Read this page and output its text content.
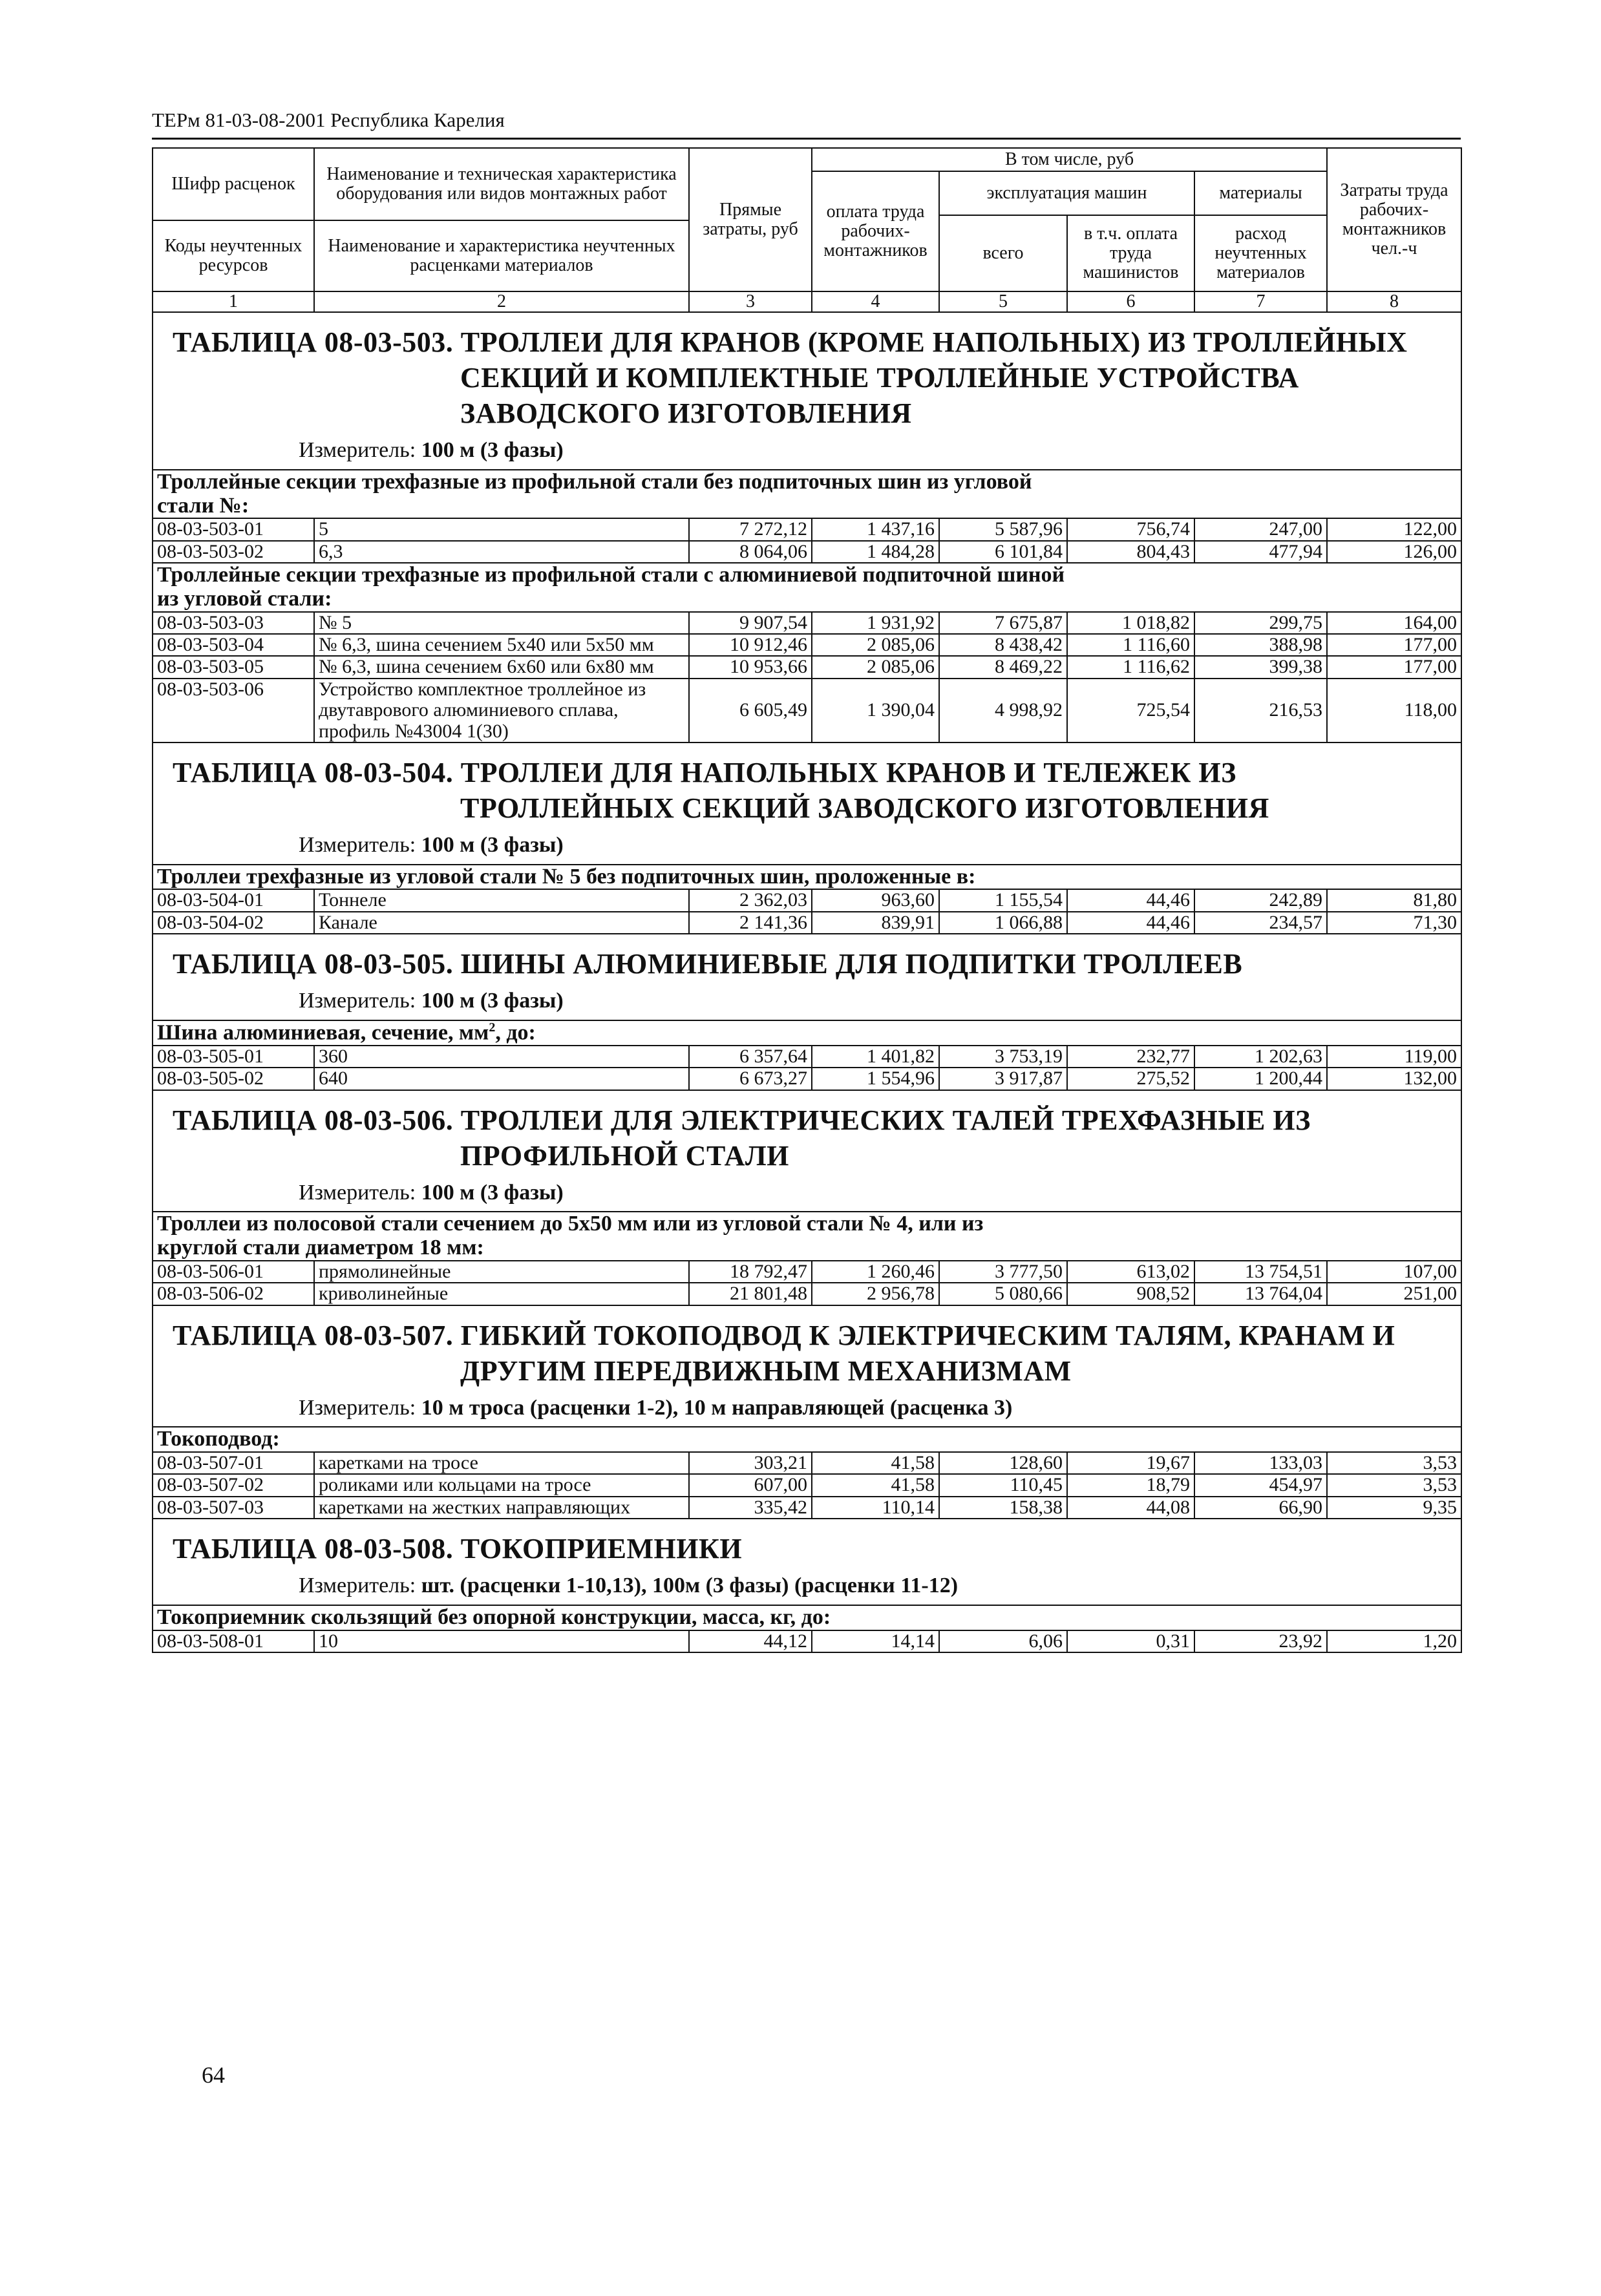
ТЕРм 81-03-08-2001 Республика Карелия
Шифр расценок	Наименование и техническая характеристика оборудования или видов монтажных работ	Прямые затраты, руб	В том числе, руб				Затраты труда рабочих-монтажников чел.-ч
			оплата труда рабочих-монтажников	эксплуатация машин		материалы	
				всего	в т.ч. оплата труда машинистов	расход неучтенных материалов	
Коды неучтенных ресурсов	Наименование и характеристика неучтенных расценками материалов						

1	2	3	4	5	6	7	8

ТАБЛИЦА 08-03-503. ТРОЛЛЕИ ДЛЯ КРАНОВ (КРОМЕ НАПОЛЬНЫХ) ИЗ ТРОЛЛЕЙНЫХ
СЕКЦИЙ И КОМПЛЕКТНЫЕ ТРОЛЛЕЙНЫЕ УСТРОЙСТВА
ЗАВОДСКОГО ИЗГОТОВЛЕНИЯ
Измеритель: 100 м (3 фазы)							

Троллейные секции трехфазные из профильной стали без подпиточных шин из угловой
стали №:							

08-03-503-01	5	7 272,12	1 437,16	5 587,96	756,74	247,00	122,00
08-03-503-02	6,3	8 064,06	1 484,28	6 101,84	804,43	477,94	126,00
Троллейные секции трехфазные из профильной стали с алюминиевой подпиточной шиной
из угловой стали:							

08-03-503-03	№ 5	9 907,54	1 931,92	7 675,87	1 018,82	299,75	164,00
08-03-503-04	№ 6,3, шина сечением 5х40 или 5х50 мм	10 912,46	2 085,06	8 438,42	1 116,60	388,98	177,00
08-03-503-05	№ 6,3, шина сечением 6х60 или 6х80 мм	10 953,66	2 085,06	8 469,22	1 116,62	399,38	177,00
08-03-503-06	Устройство комплектное троллейное из двутаврового алюминиевого сплава, профиль №43004 1(30)	6 605,49	1 390,04	4 998,92	725,54	216,53	118,00

ТАБЛИЦА 08-03-504. ТРОЛЛЕИ ДЛЯ НАПОЛЬНЫХ КРАНОВ И ТЕЛЕЖЕК ИЗ
ТРОЛЛЕЙНЫХ СЕКЦИЙ ЗАВОДСКОГО ИЗГОТОВЛЕНИЯ
Измеритель: 100 м (3 фазы)							

Троллеи трехфазные из угловой стали № 5 без подпиточных шин, проложенные в:							
08-03-504-01	Тоннеле	2 362,03	963,60	1 155,54	44,46	242,89	81,80
08-03-504-02	Канале	2 141,36	839,91	1 066,88	44,46	234,57	71,30

ТАБЛИЦА 08-03-505. ШИНЫ АЛЮМИНИЕВЫЕ ДЛЯ ПОДПИТКИ ТРОЛЛЕЕВ
Измеритель: 100 м (3 фазы)							

Шина алюминиевая, сечение, $мм^2$, до:							
08-03-505-01	360	6 357,64	1 401,82	3 753,19	232,77	1 202,63	119,00
08-03-505-02	640	6 673,27	1 554,96	3 917,87	275,52	1 200,44	132,00

ТАБЛИЦА 08-03-506. ТРОЛЛЕИ ДЛЯ ЭЛЕКТРИЧЕСКИХ ТАЛЕЙ ТРЕХФАЗНЫЕ ИЗ
ПРОФИЛЬНОЙ СТАЛИ
Измеритель: 100 м (3 фазы)							

Троллеи из полосовой стали сечением до 5х50 мм или из угловой стали № 4, или из
круглой стали диаметром 18 мм:							

08-03-506-01	прямолинейные	18 792,47	1 260,46	3 777,50	613,02	13 754,51	107,00
08-03-506-02	криволинейные	21 801,48	2 956,78	5 080,66	908,52	13 764,04	251,00

ТАБЛИЦА 08-03-507. ГИБКИЙ ТОКОПОДВОД К ЭЛЕКТРИЧЕСКИМ ТАЛЯМ, КРАНАМ И
ДРУГИМ ПЕРЕДВИЖНЫМ МЕХАНИЗМАМ
Измеритель: 10 м троса (расценки 1-2), 10 м направляющей (расценка 3)							

Токоподвод:							
08-03-507-01	каретками на тросе	303,21	41,58	128,60	19,67	133,03	3,53
08-03-507-02	роликами или кольцами на тросе	607,00	41,58	110,45	18,79	454,97	3,53
08-03-507-03	каретками на жестких направляющих	335,42	110,14	158,38	44,08	66,90	9,35

ТАБЛИЦА 08-03-508. ТОКОПРИЕМНИКИ
Измеритель: шт. (расценки 1-10,13), 100м (3 фазы) (расценки 11-12)							

Токоприемник скользящий без опорной конструкции, масса, кг, до:							
08-03-508-01	10	44,12	14,14	6,06	0,31	23,92	1,20
64
